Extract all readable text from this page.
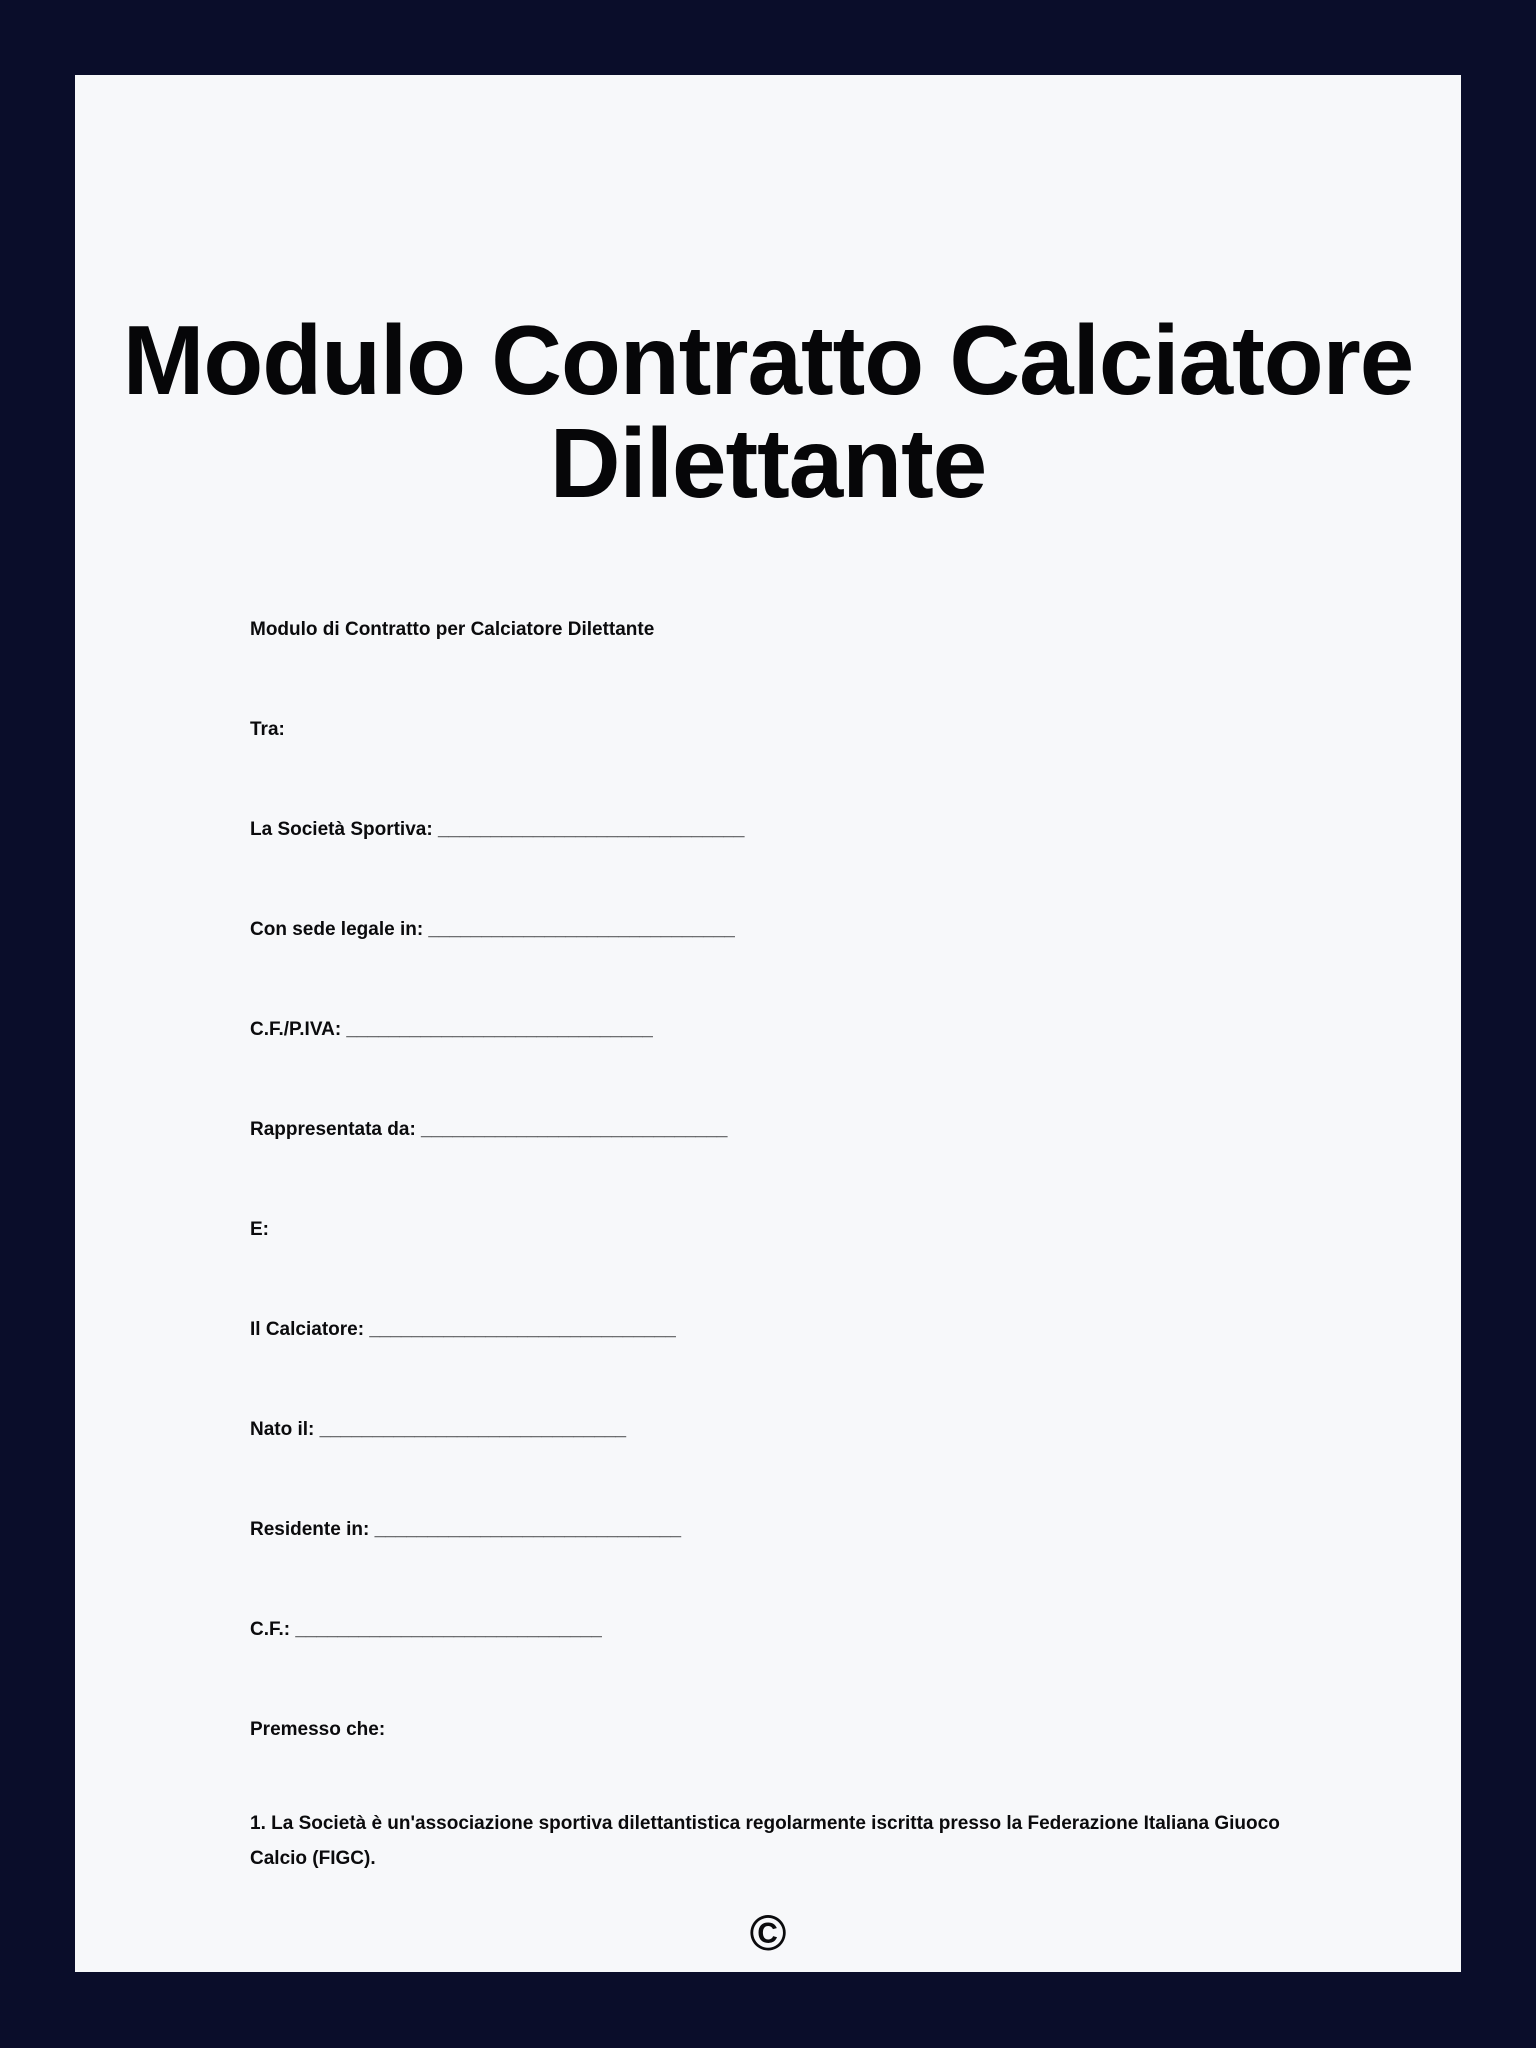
Modulo Contratto Calciatore Dilettante
Modulo di Contratto per Calciatore Dilettante
Tra:
La Società Sportiva: _____________________________
Con sede legale in: _____________________________
C.F./P.IVA: _____________________________
Rappresentata da: _____________________________
E:
Il Calciatore: _____________________________
Nato il: _____________________________
Residente in: _____________________________
C.F.: _____________________________
Premesso che:

1. La Società è un'associazione sportiva dilettantistica regolarmente iscritta presso la Federazione Italiana Giuoco Calcio (FIGC).

©
